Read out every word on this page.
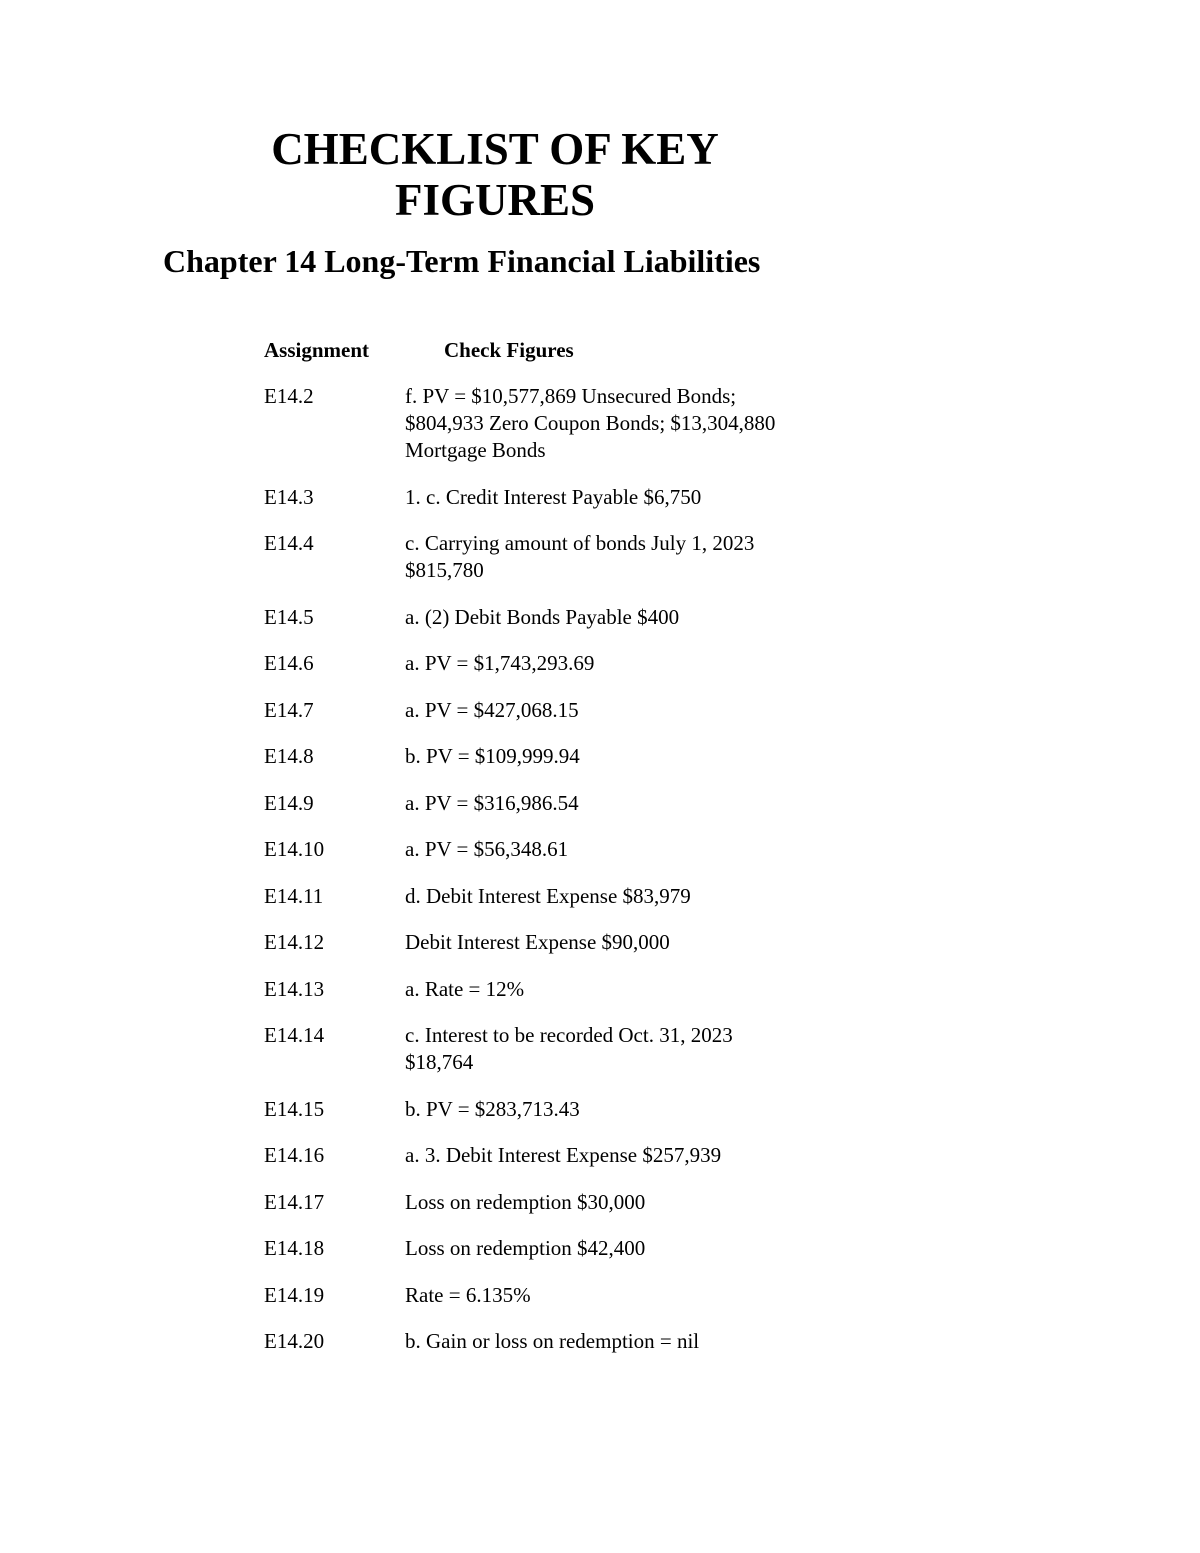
CHECKLIST OF KEY
FIGURES
Chapter 14 Long-Term Financial Liabilities
Assignment	Check Figures
E14.2	f. PV = $10,577,869 Unsecured Bonds;
$804,933 Zero Coupon Bonds; $13,304,880
Mortgage Bonds
E14.3	1. c. Credit Interest Payable $6,750
E14.4	c. Carrying amount of bonds July 1, 2023
$815,780
E14.5	a. (2) Debit Bonds Payable $400
E14.6	a. PV = $1,743,293.69
E14.7	a. PV = $427,068.15
E14.8	b. PV = $109,999.94
E14.9	a. PV = $316,986.54
E14.10	a. PV = $56,348.61
E14.11	d. Debit Interest Expense $83,979
E14.12	Debit Interest Expense $90,000
E14.13	a. Rate = 12%
E14.14	c. Interest to be recorded Oct. 31, 2023
$18,764
E14.15	b. PV = $283,713.43
E14.16	a. 3. Debit Interest Expense $257,939
E14.17	Loss on redemption $30,000
E14.18	Loss on redemption $42,400
E14.19	Rate = 6.135%
E14.20	b. Gain or loss on redemption = nil
